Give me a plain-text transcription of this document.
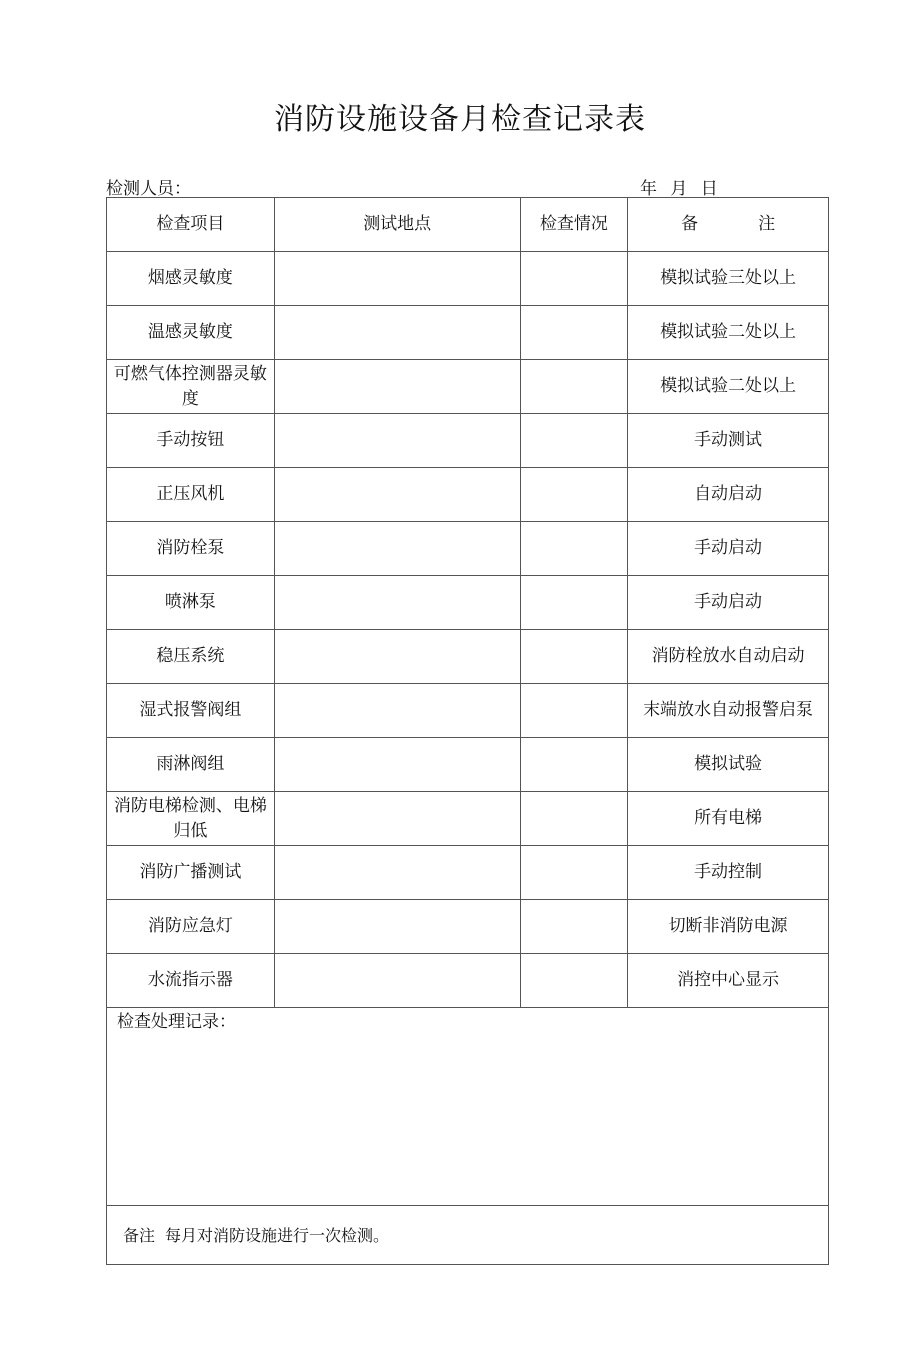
消防设施设备月检查记录表
检测人员：	年 月 日
检查项目	测试地点	检查情况	备 注
烟感灵敏度			模拟试验三处以上
温感灵敏度			模拟试验二处以上
可燃气体控测器灵敏度			模拟试验二处以上
手动按钮			手动测试
正压风机			自动启动
消防栓泵			手动启动
喷淋泵			手动启动
稳压系统			消防栓放水自动启动
湿式报警阀组			末端放水自动报警启泵
雨淋阀组			模拟试验
消防电梯检测、电梯归低			所有电梯
消防广播测试			手动控制
消防应急灯			切断非消防电源
水流指示器			消控中心显示
检查处理记录：			
备注 每月对消防设施进行一次检测。			
